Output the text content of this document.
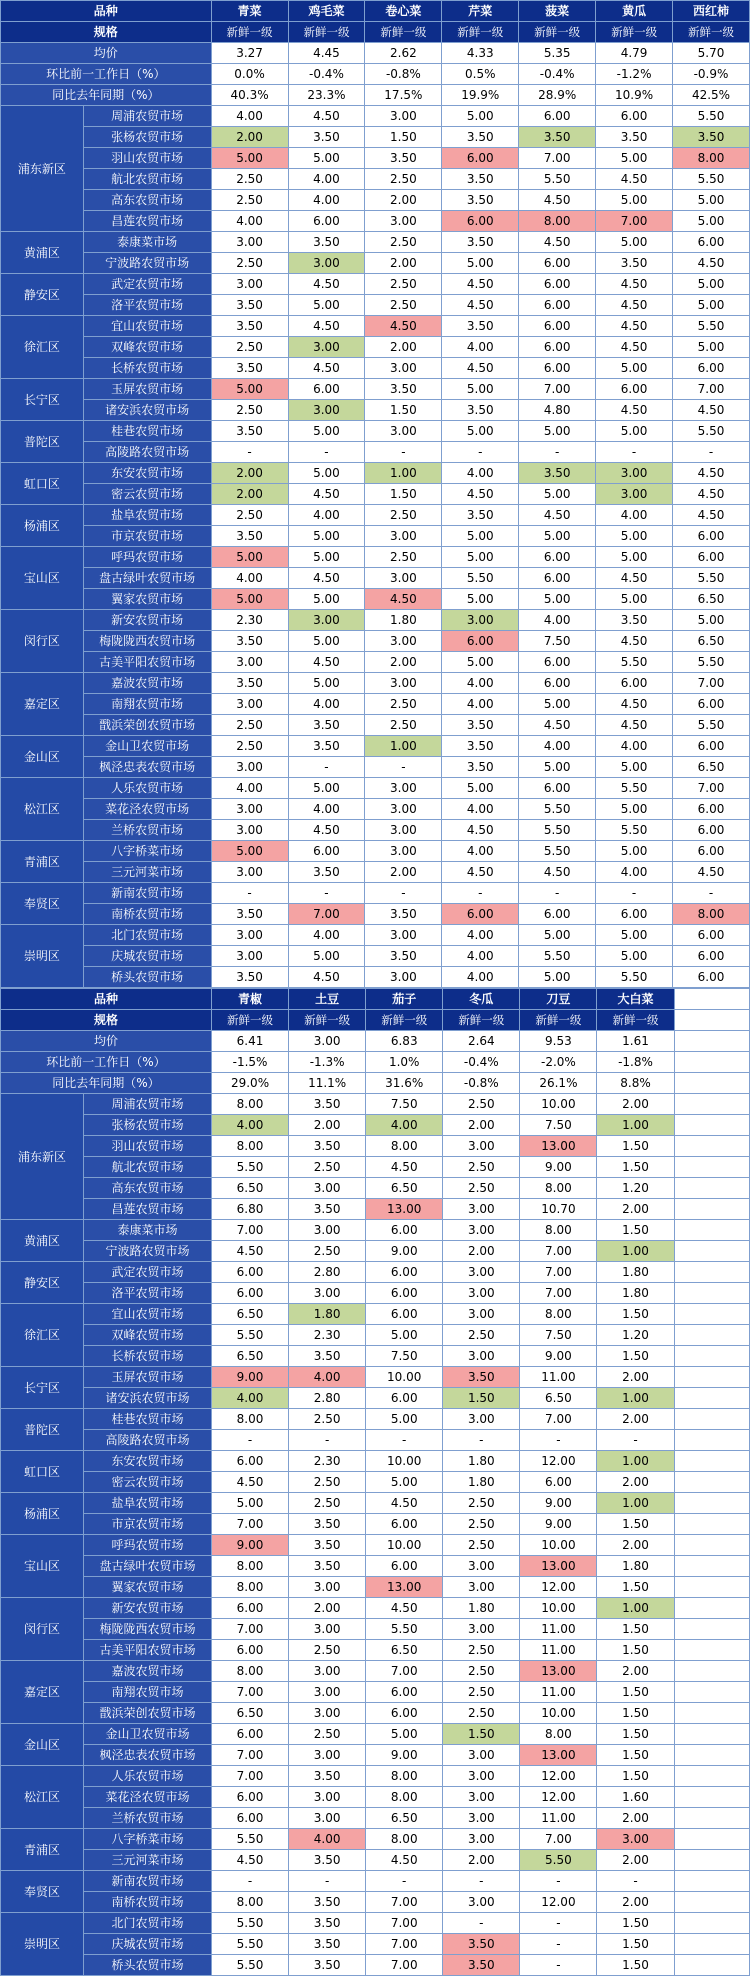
品种		青菜	鸡毛菜	卷心菜	芹菜	菠菜	黄瓜	西红柿
规格		新鲜一级	新鲜一级	新鲜一级	新鲜一级	新鲜一级	新鲜一级	新鲜一级
均价		3.27	4.45	2.62	4.33	5.35	4.79	5.70
环比前一工作日（%）		0.0%	-0.4%	-0.8%	0.5%	-0.4%	-1.2%	-0.9%
同比去年同期（%）		40.3%	23.3%	17.5%	19.9%	28.9%	10.9%	42.5%
浦东新区	周浦农贸市场	4.00	4.50	3.00	5.00	6.00	6.00	5.50
	张杨农贸市场	2.00	3.50	1.50	3.50	3.50	3.50	3.50
	羽山农贸市场	5.00	5.00	3.50	6.00	7.00	5.00	8.00
	航北农贸市场	2.50	4.00	2.50	3.50	5.50	4.50	5.50
	高东农贸市场	2.50	4.00	2.00	3.50	4.50	5.00	5.00
	昌莲农贸市场	4.00	6.00	3.00	6.00	8.00	7.00	5.00
黄浦区	泰康菜市场	3.00	3.50	2.50	3.50	4.50	5.00	6.00
	宁波路农贸市场	2.50	3.00	2.00	5.00	6.00	3.50	4.50
静安区	武定农贸市场	3.00	4.50	2.50	4.50	6.00	4.50	5.00
	洛平农贸市场	3.50	5.00	2.50	4.50	6.00	4.50	5.00
徐汇区	宜山农贸市场	3.50	4.50	4.50	3.50	6.00	4.50	5.50
	双峰农贸市场	2.50	3.00	2.00	4.00	6.00	4.50	5.00
	长桥农贸市场	3.50	4.50	3.00	4.50	6.00	5.00	6.00
长宁区	玉屏农贸市场	5.00	6.00	3.50	5.00	7.00	6.00	7.00
	诸安浜农贸市场	2.50	3.00	1.50	3.50	4.80	4.50	4.50
普陀区	桂巷农贸市场	3.50	5.00	3.00	5.00	5.00	5.00	5.50
	高陵路农贸市场	-	-	-	-	-	-	-
虹口区	东安农贸市场	2.00	5.00	1.00	4.00	3.50	3.00	4.50
	密云农贸市场	2.00	4.50	1.50	4.50	5.00	3.00	4.50
杨浦区	盐阜农贸市场	2.50	4.00	2.50	3.50	4.50	4.00	4.50
	市京农贸市场	3.50	5.00	3.00	5.00	5.00	5.00	6.00
宝山区	呼玛农贸市场	5.00	5.00	2.50	5.00	6.00	5.00	6.00
	盘古绿叶农贸市场	4.00	4.50	3.00	5.50	6.00	4.50	5.50
	翼家农贸市场	5.00	5.00	4.50	5.00	5.00	5.00	6.50
闵行区	新安农贸市场	2.30	3.00	1.80	3.00	4.00	3.50	5.00
	梅陇陇西农贸市场	3.50	5.00	3.00	6.00	7.50	4.50	6.50
	古美平阳农贸市场	3.00	4.50	2.00	5.00	6.00	5.50	5.50
嘉定区	嘉波农贸市场	3.50	5.00	3.00	4.00	6.00	6.00	7.00
	南翔农贸市场	3.00	4.00	2.50	4.00	5.00	4.50	6.00
	戬浜荣创农贸市场	2.50	3.50	2.50	3.50	4.50	4.50	5.50
金山区	金山卫农贸市场	2.50	3.50	1.00	3.50	4.00	4.00	6.00
	枫泾忠表农贸市场	3.00	-	-	3.50	5.00	5.00	6.50
松江区	人乐农贸市场	4.00	5.00	3.00	5.00	6.00	5.50	7.00
	菜花泾农贸市场	3.00	4.00	3.00	4.00	5.50	5.00	6.00
	兰桥农贸市场	3.00	4.50	3.00	4.50	5.50	5.50	6.00
青浦区	八字桥菜市场	5.00	6.00	3.00	4.00	5.50	5.00	6.00
	三元河菜市场	3.00	3.50	2.00	4.50	4.50	4.00	4.50
奉贤区	新南农贸市场	-	-	-	-	-	-	-
	南桥农贸市场	3.50	7.00	3.50	6.00	6.00	6.00	8.00
崇明区	北门农贸市场	3.00	4.00	3.00	4.00	5.00	5.00	6.00
	庆城农贸市场	3.00	5.00	3.50	4.00	5.50	5.00	6.00
	桥头农贸市场	3.50	4.50	3.00	4.00	5.00	5.50	6.00
品种		青椒	土豆	茄子	冬瓜	刀豆	大白菜	
规格		新鲜一级	新鲜一级	新鲜一级	新鲜一级	新鲜一级	新鲜一级	
均价		6.41	3.00	6.83	2.64	9.53	1.61	
环比前一工作日（%）		-1.5%	-1.3%	1.0%	-0.4%	-2.0%	-1.8%	
同比去年同期（%）		29.0%	11.1%	31.6%	-0.8%	26.1%	8.8%	
浦东新区	周浦农贸市场	8.00	3.50	7.50	2.50	10.00	2.00	
	张杨农贸市场	4.00	2.00	4.00	2.00	7.50	1.00	
	羽山农贸市场	8.00	3.50	8.00	3.00	13.00	1.50	
	航北农贸市场	5.50	2.50	4.50	2.50	9.00	1.50	
	高东农贸市场	6.50	3.00	6.50	2.50	8.00	1.20	
	昌莲农贸市场	6.80	3.50	13.00	3.00	10.70	2.00	
黄浦区	泰康菜市场	7.00	3.00	6.00	3.00	8.00	1.50	
	宁波路农贸市场	4.50	2.50	9.00	2.00	7.00	1.00	
静安区	武定农贸市场	6.00	2.80	6.00	3.00	7.00	1.80	
	洛平农贸市场	6.00	3.00	6.00	3.00	7.00	1.80	
徐汇区	宜山农贸市场	6.50	1.80	6.00	3.00	8.00	1.50	
	双峰农贸市场	5.50	2.30	5.00	2.50	7.50	1.20	
	长桥农贸市场	6.50	3.50	7.50	3.00	9.00	1.50	
长宁区	玉屏农贸市场	9.00	4.00	10.00	3.50	11.00	2.00	
	诸安浜农贸市场	4.00	2.80	6.00	1.50	6.50	1.00	
普陀区	桂巷农贸市场	8.00	2.50	5.00	3.00	7.00	2.00	
	高陵路农贸市场	-	-	-	-	-	-	
虹口区	东安农贸市场	6.00	2.30	10.00	1.80	12.00	1.00	
	密云农贸市场	4.50	2.50	5.00	1.80	6.00	2.00	
杨浦区	盐阜农贸市场	5.00	2.50	4.50	2.50	9.00	1.00	
	市京农贸市场	7.00	3.50	6.00	2.50	9.00	1.50	
宝山区	呼玛农贸市场	9.00	3.50	10.00	2.50	10.00	2.00	
	盘古绿叶农贸市场	8.00	3.50	6.00	3.00	13.00	1.80	
	翼家农贸市场	8.00	3.00	13.00	3.00	12.00	1.50	
闵行区	新安农贸市场	6.00	2.00	4.50	1.80	10.00	1.00	
	梅陇陇西农贸市场	7.00	3.00	5.50	3.00	11.00	1.50	
	古美平阳农贸市场	6.00	2.50	6.50	2.50	11.00	1.50	
嘉定区	嘉波农贸市场	8.00	3.00	7.00	2.50	13.00	2.00	
	南翔农贸市场	7.00	3.00	6.00	2.50	11.00	1.50	
	戬浜荣创农贸市场	6.50	3.00	6.00	2.50	10.00	1.50	
金山区	金山卫农贸市场	6.00	2.50	5.00	1.50	8.00	1.50	
	枫泾忠表农贸市场	7.00	3.00	9.00	3.00	13.00	1.50	
松江区	人乐农贸市场	7.00	3.50	8.00	3.00	12.00	1.50	
	菜花泾农贸市场	6.00	3.00	8.00	3.00	12.00	1.60	
	兰桥农贸市场	6.00	3.00	6.50	3.00	11.00	2.00	
青浦区	八字桥菜市场	5.50	4.00	8.00	3.00	7.00	3.00	
	三元河菜市场	4.50	3.50	4.50	2.00	5.50	2.00	
奉贤区	新南农贸市场	-	-	-	-	-	-	
	南桥农贸市场	8.00	3.50	7.00	3.00	12.00	2.00	
崇明区	北门农贸市场	5.50	3.50	7.00	-	-	1.50	
	庆城农贸市场	5.50	3.50	7.00	3.50	-	1.50	
	桥头农贸市场	5.50	3.50	7.00	3.50	-	1.50	
